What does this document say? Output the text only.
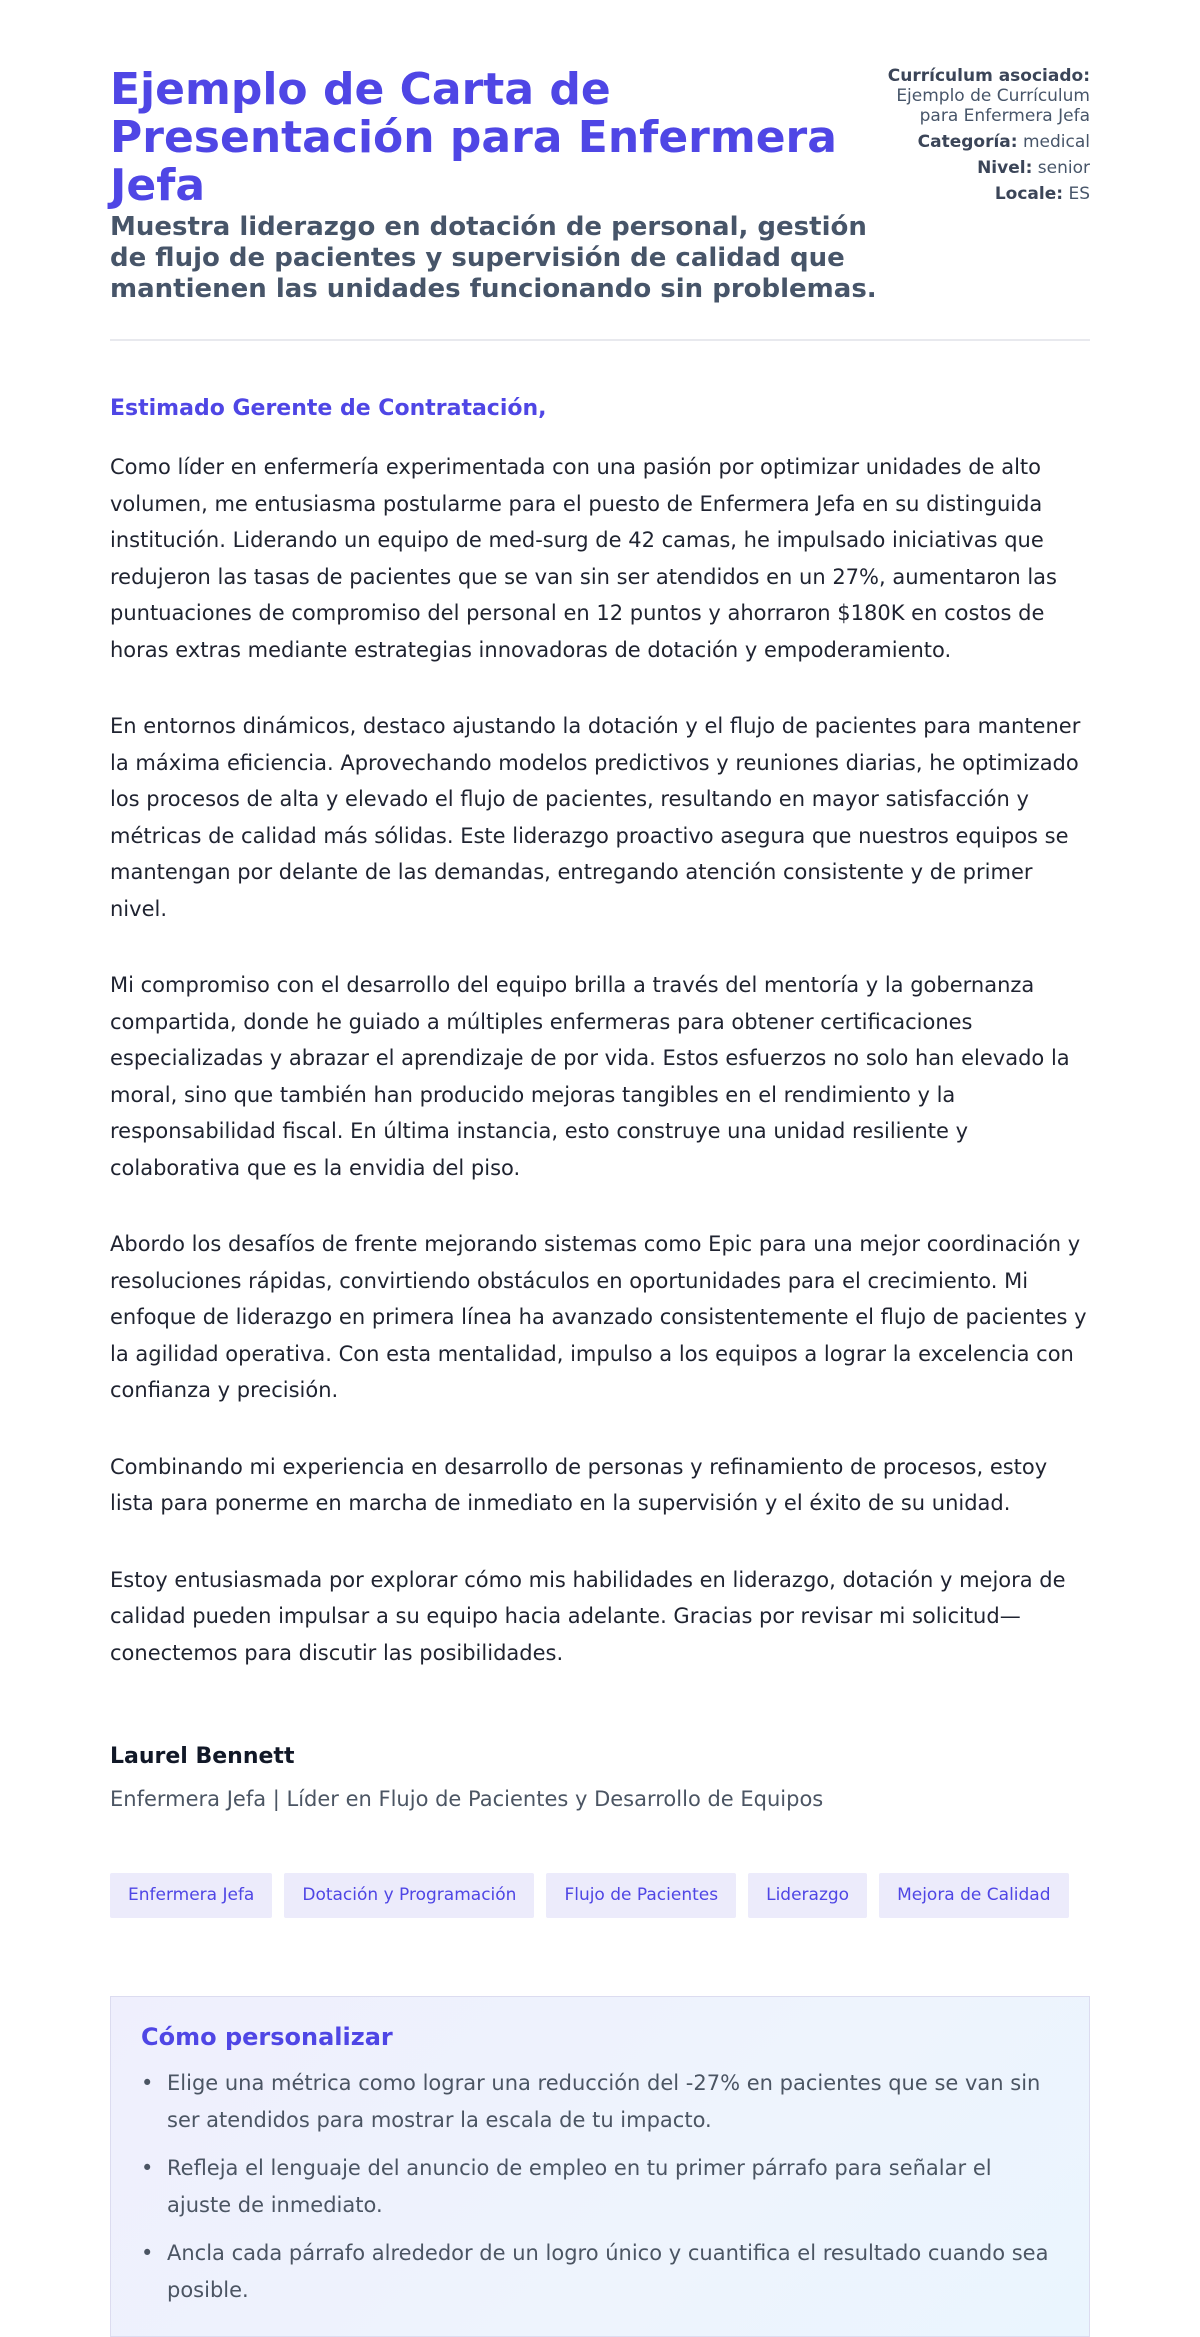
Ejemplo de Carta de Presentación para Enfermera Jefa
Muestra liderazgo en dotación de personal, gestión de flujo de pacientes y supervisión de calidad que mantienen las unidades funcionando sin problemas.
Currículum asociado: Ejemplo de Currículum para Enfermera Jefa
Categoría: medical
Nivel: senior
Locale: ES

Estimado Gerente de Contratación,

Como líder en enfermería experimentada con una pasión por optimizar unidades de alto volumen, me entusiasma postularme para el puesto de Enfermera Jefa en su distinguida institución. Liderando un equipo de med-surg de 42 camas, he impulsado iniciativas que redujeron las tasas de pacientes que se van sin ser atendidos en un 27%, aumentaron las puntuaciones de compromiso del personal en 12 puntos y ahorraron $180K en costos de horas extras mediante estrategias innovadoras de dotación y empoderamiento.

En entornos dinámicos, destaco ajustando la dotación y el flujo de pacientes para mantener la máxima eficiencia. Aprovechando modelos predictivos y reuniones diarias, he optimizado los procesos de alta y elevado el flujo de pacientes, resultando en mayor satisfacción y métricas de calidad más sólidas. Este liderazgo proactivo asegura que nuestros equipos se mantengan por delante de las demandas, entregando atención consistente y de primer nivel.

Mi compromiso con el desarrollo del equipo brilla a través del mentoría y la gobernanza compartida, donde he guiado a múltiples enfermeras para obtener certificaciones especializadas y abrazar el aprendizaje de por vida. Estos esfuerzos no solo han elevado la moral, sino que también han producido mejoras tangibles en el rendimiento y la responsabilidad fiscal. En última instancia, esto construye una unidad resiliente y colaborativa que es la envidia del piso.

Abordo los desafíos de frente mejorando sistemas como Epic para una mejor coordinación y resoluciones rápidas, convirtiendo obstáculos en oportunidades para el crecimiento. Mi enfoque de liderazgo en primera línea ha avanzado consistentemente el flujo de pacientes y la agilidad operativa. Con esta mentalidad, impulso a los equipos a lograr la excelencia con confianza y precisión.

Combinando mi experiencia en desarrollo de personas y refinamiento de procesos, estoy lista para ponerme en marcha de inmediato en la supervisión y el éxito de su unidad.

Estoy entusiasmada por explorar cómo mis habilidades en liderazgo, dotación y mejora de calidad pueden impulsar a su equipo hacia adelante. Gracias por revisar mi solicitud—conectemos para discutir las posibilidades.

Laurel Bennett
Enfermera Jefa | Líder en Flujo de Pacientes y Desarrollo de Equipos
Enfermera Jefa	Dotación y Programación	Flujo de Pacientes	Liderazgo	Mejora de Calidad
Cómo personalizar
• Elige una métrica como lograr una reducción del -27% en pacientes que se van sin ser atendidos para mostrar la escala de tu impacto.
• Refleja el lenguaje del anuncio de empleo en tu primer párrafo para señalar el ajuste de inmediato.
• Ancla cada párrafo alrededor de un logro único y cuantifica el resultado cuando sea posible.
